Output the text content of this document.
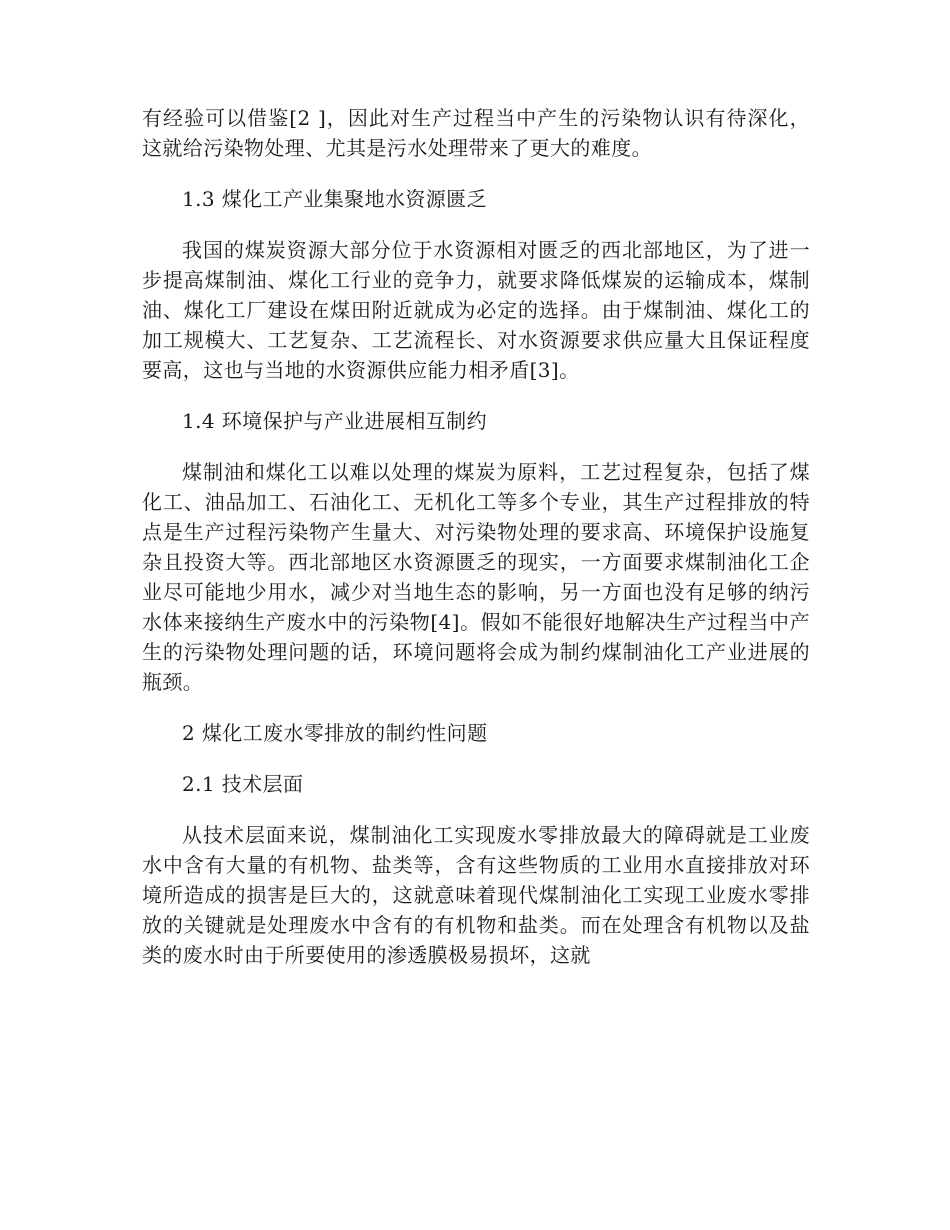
有经验可以借鉴[2 ]，因此对生产过程当中产生的污染物认识有待深化，这就给污染物处理、尤其是污水处理带来了更大的难度。

1.3 煤化工产业集聚地水资源匮乏

我国的煤炭资源大部分位于水资源相对匮乏的西北部地区，为了进一步提高煤制油、煤化工行业的竞争力，就要求降低煤炭的运输成本，煤制油、煤化工厂建设在煤田附近就成为必定的选择。由于煤制油、煤化工的加工规模大、工艺复杂、工艺流程长、对水资源要求供应量大且保证程度要高，这也与当地的水资源供应能力相矛盾[3]。

1.4 环境保护与产业进展相互制约

煤制油和煤化工以难以处理的煤炭为原料，工艺过程复杂，包括了煤化工、油品加工、石油化工、无机化工等多个专业，其生产过程排放的特点是生产过程污染物产生量大、对污染物处理的要求高、环境保护设施复杂且投资大等。西北部地区水资源匮乏的现实，一方面要求煤制油化工企业尽可能地少用水，减少对当地生态的影响，另一方面也没有足够的纳污水体来接纳生产废水中的污染物[4]。假如不能很好地解决生产过程当中产生的污染物处理问题的话，环境问题将会成为制约煤制油化工产业进展的瓶颈。

2 煤化工废水零排放的制约性问题

2.1 技术层面

从技术层面来说，煤制油化工实现废水零排放最大的障碍就是工业废水中含有大量的有机物、盐类等，含有这些物质的工业用水直接排放对环境所造成的损害是巨大的，这就意味着现代煤制油化工实现工业废水零排放的关键就是处理废水中含有的有机物和盐类。而在处理含有机物以及盐类的废水时由于所要使用的渗透膜极易损坏，这就
